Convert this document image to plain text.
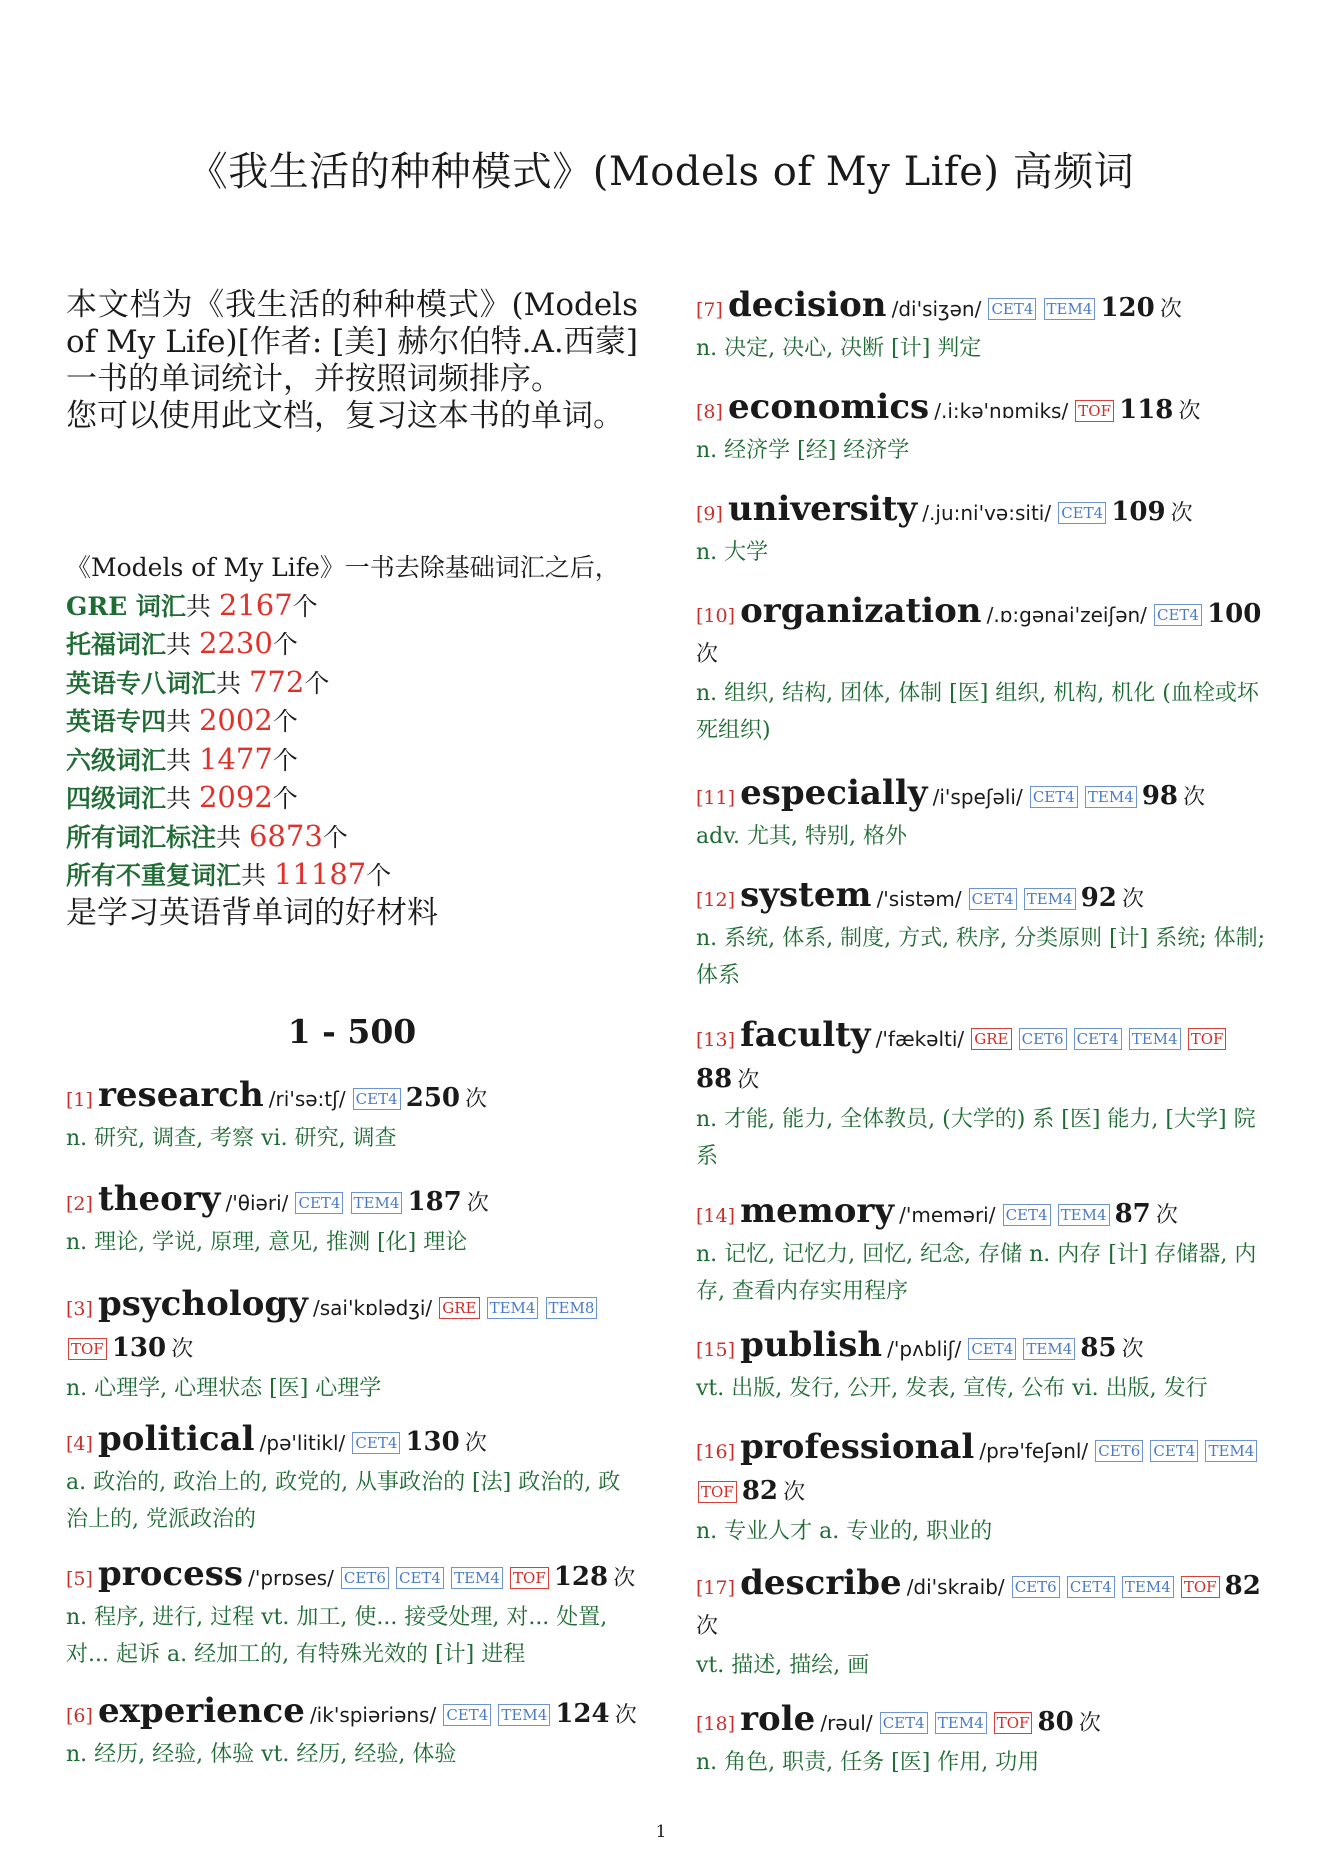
《我生活的种种模式》(Models of My Life) 高频词

本文档为《我生活的种种模式》(Models of My Life)[作者: [美] 赫尔伯特.A.西蒙] 一书的单词统计，并按照词频排序。

您可以使用此文档，复习这本书的单词。

《Models of My Life》一书去除基础词汇之后，
GRE 词汇共 2167个
托福词汇共 2230个
英语专八词汇共 772个
英语专四共 2002个
六级词汇共 1477个
四级词汇共 2092个
所有词汇标注共 6873个
所有不重复词汇共 11187个
是学习英语背单词的好材料
1 - 500
[1] research /ri'sə:tʃ/ CET4 250 次
n. 研究, 调查, 考察 vi. 研究, 调查
[2] theory /'θiəri/ CET4 TEM4 187 次
n. 理论, 学说, 原理, 意见, 推测 [化] 理论
[3] psychology /sai'kɒlədʒi/ GRE TEM4 TEM8 TOF 130 次
n. 心理学, 心理状态 [医] 心理学
[4] political /pə'litikl/ CET4 130 次
a. 政治的, 政治上的, 政党的, 从事政治的 [法] 政治的, 政治上的, 党派政治的
[5] process /'prɒses/ CET6 CET4 TEM4 TOF 128 次
n. 程序, 进行, 过程 vt. 加工, 使... 接受处理, 对... 处置, 对... 起诉 a. 经加工的, 有特殊光效的 [计] 进程
[6] experience /ik'spiəriəns/ CET4 TEM4 124 次
n. 经历, 经验, 体验 vt. 经历, 经验, 体验
[7] decision /di'siʒən/ CET4 TEM4 120 次
n. 决定, 决心, 决断 [计] 判定
[8] economics /.i:kə'nɒmiks/ TOF 118 次
n. 经济学 [经] 经济学
[9] university /.ju:ni'və:siti/ CET4 109 次
n. 大学
[10] organization /.ɒ:gənai'zeiʃən/ CET4 100 次
n. 组织, 结构, 团体, 体制 [医] 组织, 机构, 机化 (血栓或坏死组织)
[11] especially /i'speʃəli/ CET4 TEM4 98 次
adv. 尤其, 特别, 格外
[12] system /'sistəm/ CET4 TEM4 92 次
n. 系统, 体系, 制度, 方式, 秩序, 分类原则 [计] 系统; 体制; 体系
[13] faculty /'fækəlti/ GRE CET6 CET4 TEM4 TOF 88 次
n. 才能, 能力, 全体教员, (大学的) 系 [医] 能力, [大学] 院系
[14] memory /'meməri/ CET4 TEM4 87 次
n. 记忆, 记忆力, 回忆, 纪念, 存储 n. 内存 [计] 存储器, 内存, 查看内存实用程序
[15] publish /'pʌbliʃ/ CET4 TEM4 85 次
vt. 出版, 发行, 公开, 发表, 宣传, 公布 vi. 出版, 发行
[16] professional /prə'feʃənl/ CET6 CET4 TEM4 TOF 82 次
n. 专业人才 a. 专业的, 职业的
[17] describe /di'skraib/ CET6 CET4 TEM4 TOF 82 次
vt. 描述, 描绘, 画
[18] role /rəul/ CET4 TEM4 TOF 80 次
n. 角色, 职责, 任务 [医] 作用, 功用
1
